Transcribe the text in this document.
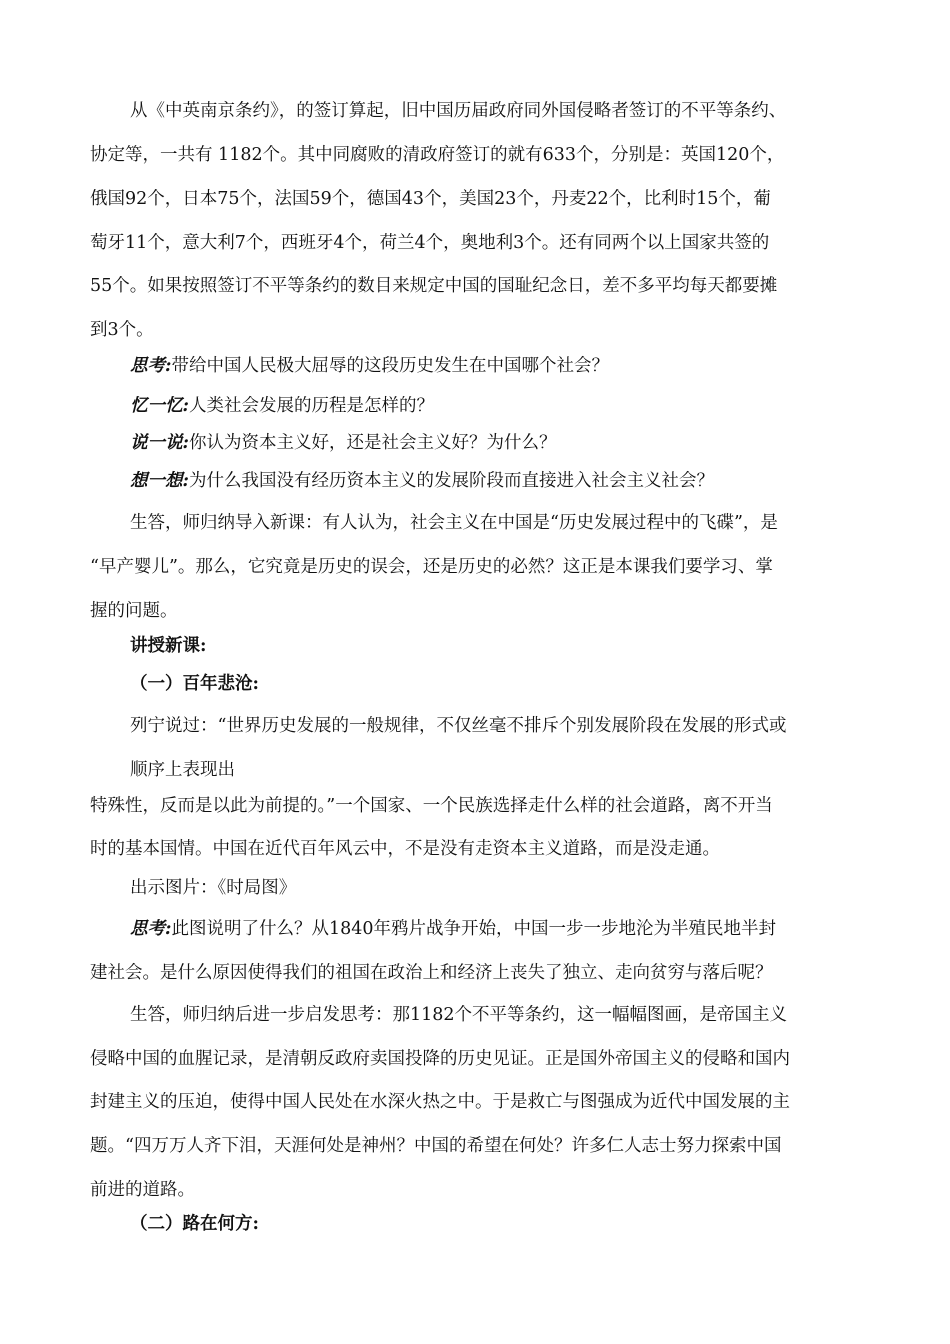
从《中英南京条约》，的签订算起，旧中国历届政府同外国侵略者签订的不平等条约、
协定等，一共有 1182个。其中同腐败的清政府签订的就有633个，分别是：英国120个，
俄国92个，日本75个，法国59个，德国43个，美国23个，丹麦22个，比利时15个，葡
萄牙11个，意大利7个，西班牙4个，荷兰4个，奥地利3个。还有同两个以上国家共签的
55个。如果按照签订不平等条约的数目来规定中国的国耻纪念日，差不多平均每天都要摊
到3个。
思考:带给中国人民极大屈辱的这段历史发生在中国哪个社会？
忆一忆:人类社会发展的历程是怎样的？
说一说:你认为资本主义好，还是社会主义好？为什么？
想一想:为什么我国没有经历资本主义的发展阶段而直接进入社会主义社会？
生答，师归纳导入新课：有人认为，社会主义在中国是“历史发展过程中的飞碟”，是
“早产婴儿”。那么，它究竟是历史的误会，还是历史的必然？这正是本课我们要学习、掌
握的问题。
讲授新课:
（一）百年悲沧:
列宁说过：“世界历史发展的一般规律，不仅丝毫不排斥个别发展阶段在发展的形式或
顺序上表现出
特殊性，反而是以此为前提的。”一个国家、一个民族选择走什么样的社会道路，离不开当
时的基本国情。中国在近代百年风云中，不是没有走资本主义道路，而是没走通。
出示图片：《时局图》
思考:此图说明了什么？从1840年鸦片战争开始，中国一步一步地沦为半殖民地半封
建社会。是什么原因使得我们的祖国在政治上和经济上丧失了独立、走向贫穷与落后呢？
生答，师归纳后进一步启发思考：那1182个不平等条约，这一幅幅图画，是帝国主义
侵略中国的血腥记录，是清朝反政府卖国投降的历史见证。正是国外帝国主义的侵略和国内
封建主义的压迫，使得中国人民处在水深火热之中。于是救亡与图强成为近代中国发展的主
题。“四万万人齐下泪，天涯何处是神州？中国的希望在何处？许多仁人志士努力探索中国
前进的道路。
（二）路在何方:
